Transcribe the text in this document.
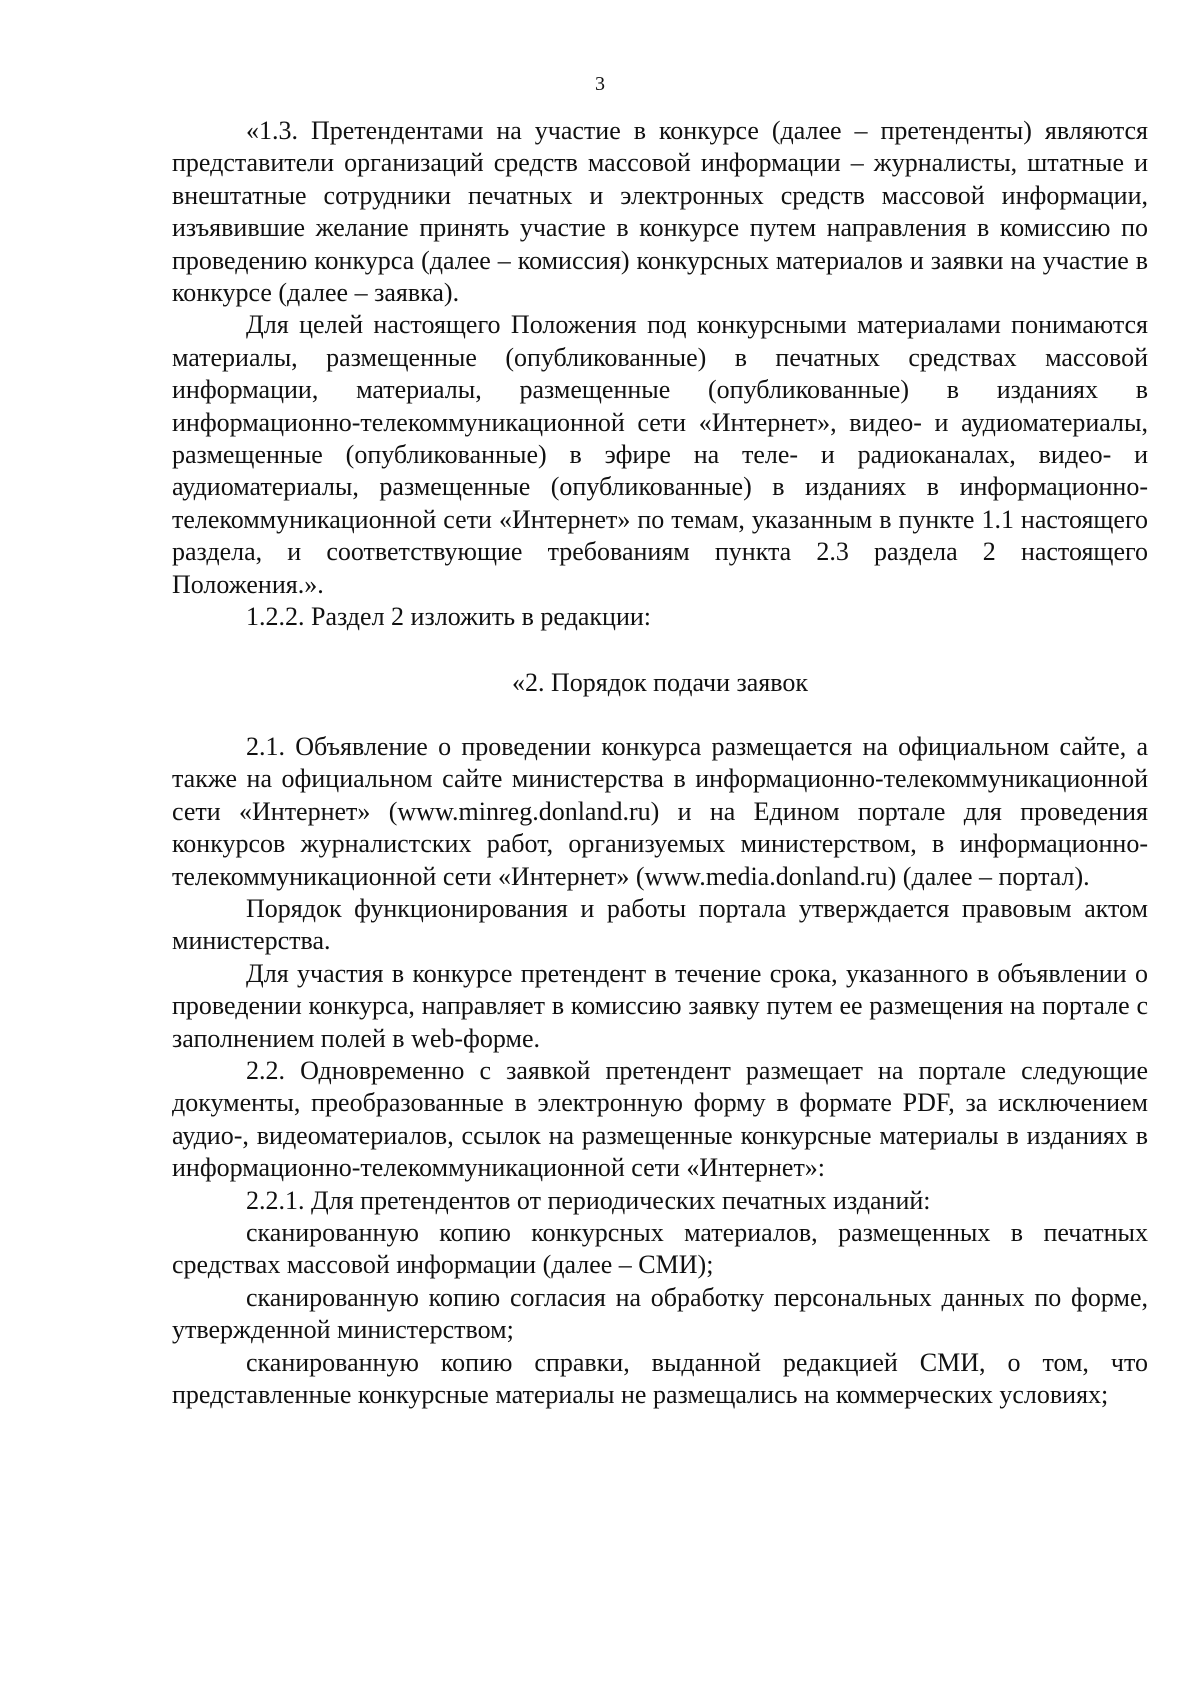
3

«1.3. Претендентами на участие в конкурсе (далее – претенденты) являются представители организаций средств массовой информации – журналисты, штатные и внештатные сотрудники печатных и электронных средств массовой информации, изъявившие желание принять участие в конкурсе путем направления в комиссию по проведению конкурса (далее – комиссия) конкурсных материалов и заявки на участие в конкурсе (далее – заявка).

Для целей настоящего Положения под конкурсными материалами понимаются материалы, размещенные (опубликованные) в печатных средствах массовой информации, материалы, размещенные (опубликованные) в изданиях в информационно-телекоммуникационной сети «Интернет», видео- и аудиоматериалы, размещенные (опубликованные) в эфире на теле- и радиоканалах, видео- и аудиоматериалы, размещенные (опубликованные) в изданиях в информационно-телекоммуникационной сети «Интернет» по темам, указанным в пункте 1.1 настоящего раздела, и соответствующие требованиям пункта 2.3 раздела 2 настоящего Положения.».

1.2.2. Раздел 2 изложить в редакции:

«2. Порядок подачи заявок

2.1. Объявление о проведении конкурса размещается на официальном сайте, а также на официальном сайте министерства в информационно-телекоммуникационной сети «Интернет» (www.minreg.donland.ru) и на Едином портале для проведения конкурсов журналистских работ, организуемых министерством, в информационно-телекоммуникационной сети «Интернет» (www.media.donland.ru) (далее – портал).

Порядок функционирования и работы портала утверждается правовым актом министерства.

Для участия в конкурсе претендент в течение срока, указанного в объявлении о проведении конкурса, направляет в комиссию заявку путем ее размещения на портале с заполнением полей в web-форме.

2.2. Одновременно с заявкой претендент размещает на портале следующие документы, преобразованные в электронную форму в формате PDF, за исключением аудио-, видеоматериалов, ссылок на размещенные конкурсные материалы в изданиях в информационно-телекоммуникационной сети «Интернет»:

2.2.1. Для претендентов от периодических печатных изданий:

сканированную копию конкурсных материалов, размещенных в печатных средствах массовой информации (далее – СМИ);

сканированную копию согласия на обработку персональных данных по форме, утвержденной министерством;

сканированную копию справки, выданной редакцией СМИ, о том, что представленные конкурсные материалы не размещались на коммерческих условиях;
